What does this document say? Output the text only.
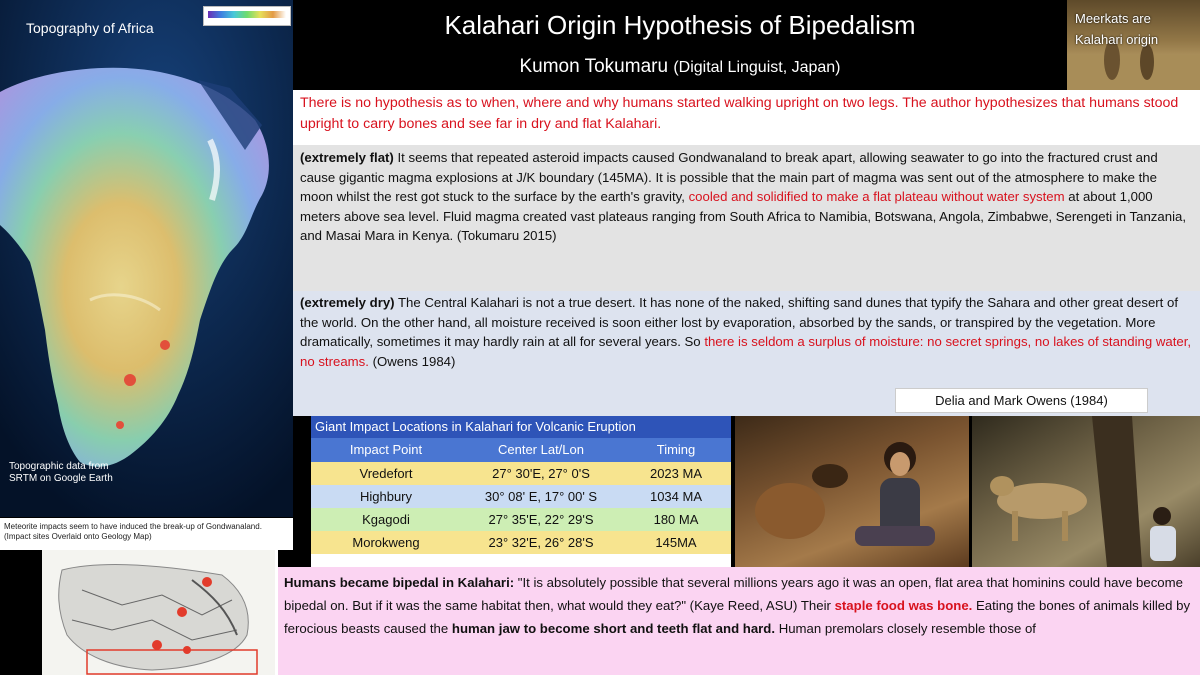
Topography of Africa
Topographic data from SRTM on Google Earth
Meteorite impacts seem to have induced the break-up of Gondwanaland. (Impact sites Overlaid onto Geology Map)
Kalahari Origin Hypothesis of Bipedalism
Kumon Tokumaru (Digital Linguist, Japan)
Meerkats are Kalahari origin
There is no hypothesis as to when, where and why humans started walking upright on two legs. The author hypothesizes that humans stood upright to carry bones and see far in dry and flat Kalahari.
(extremely flat) It seems that repeated asteroid impacts caused Gondwanaland to break apart, allowing seawater to go into the fractured crust and cause gigantic magma explosions at J/K boundary (145MA). It is possible that the main part of magma was sent out of the atmosphere to make the moon whilst the rest got stuck to the surface by the earth's gravity, cooled and solidified to make a flat plateau without water system at about 1,000 meters above sea level. Fluid magma created vast plateaus ranging from South Africa to Namibia, Botswana, Angola, Zimbabwe, Serengeti in Tanzania, and Masai Mara in Kenya. (Tokumaru 2015)
(extremely dry) The Central Kalahari is not a true desert. It has none of the naked, shifting sand dunes that typify the Sahara and other great desert of the world. On the other hand, all moisture received is soon either lost by evaporation, absorbed by the sands, or transpired by the vegetation. More dramatically, sometimes it may hardly rain at all for several years. So there is seldom a surplus of moisture: no secret springs, no lakes of standing water, no streams. (Owens 1984)
Delia and Mark Owens (1984)
Giant Impact Locations in Kalahari for Volcanic Eruption
Impact Point	Center Lat/Lon	Timing
Vredefort	27° 30'E, 27° 0'S	2023 MA
Highbury	30° 08' E, 17° 00' S	1034 MA
Kgagodi	27° 35'E, 22° 29'S	180 MA
Morokweng	23° 32'E, 26° 28'S	145MA
Humans became bipedal in Kalahari: "It is absolutely possible that several millions years ago it was an open, flat area that hominins could have become bipedal on. But if it was the same habitat then, what would they eat?" (Kaye Reed, ASU) Their staple food was bone. Eating the bones of animals killed by ferocious beasts caused the human jaw to become short and teeth flat and hard. Human premolars closely resemble those of
